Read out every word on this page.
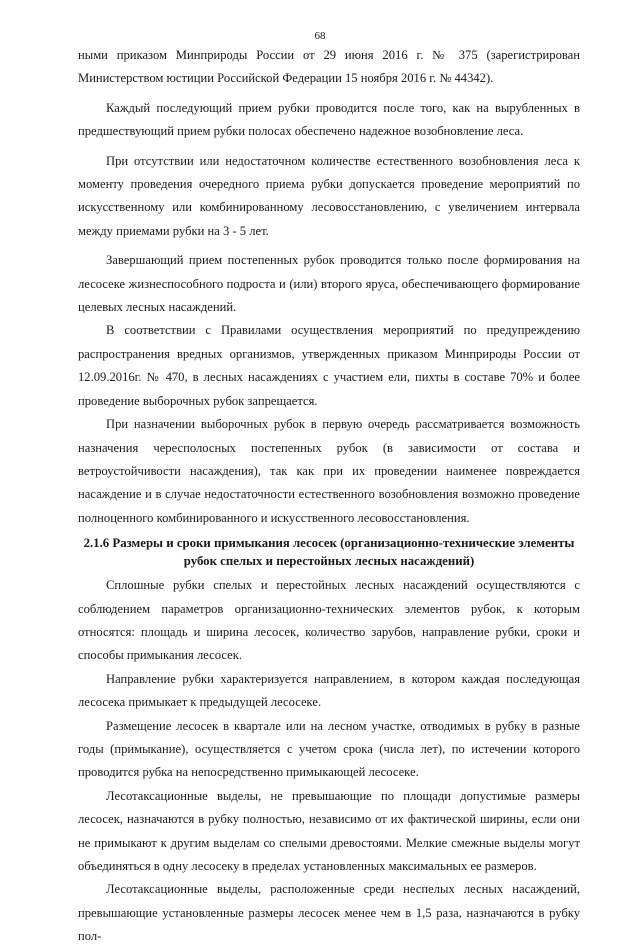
68

ными приказом Минприроды России от 29 июня 2016 г. № 375 (зарегистрирован Министерством юстиции Российской Федерации 15 ноября 2016 г. № 44342).

Каждый последующий прием рубки проводится после того, как на вырубленных в предшествующий прием рубки полосах обеспечено надежное возобновление леса.

При отсутствии или недостаточном количестве естественного возобновления леса к моменту проведения очередного приема рубки допускается проведение мероприятий по искусственному или комбинированному лесовосстановлению, с увеличением интервала между приемами рубки на 3 - 5 лет.

Завершающий прием постепенных рубок проводится только после формирования на лесосеке жизнеспособного подроста и (или) второго яруса, обеспечивающего формирование целевых лесных насаждений.

В соответствии с Правилами осуществления мероприятий по предупреждению распространения вредных организмов, утвержденных приказом Минприроды России от 12.09.2016г. № 470, в лесных насаждениях с участием ели, пихты в составе 70% и более проведение выборочных рубок запрещается.

При назначении выборочных рубок в первую очередь рассматривается возможность назначения чересполосных постепенных рубок (в зависимости от состава и ветроустойчивости насаждения), так как при их проведении наименее повреждается насаждение и в случае недостаточности естественного возобновления возможно проведение полноценного комбинированного и искусственного лесовосстановления.

2.1.6 Размеры и сроки примыкания лесосек (организационно-технические элементы рубок спелых и перестойных лесных насаждений)

Сплошные рубки спелых и перестойных лесных насаждений осуществляются с соблюдением параметров организационно-технических элементов рубок, к которым относятся: площадь и ширина лесосек, количество зарубов, направление рубки, сроки и способы примыкания лесосек.

Направление рубки характеризуется направлением, в котором каждая последующая лесосека примыкает к предыдущей лесосеке.

Размещение лесосек в квартале или на лесном участке, отводимых в рубку в разные годы (примыкание), осуществляется с учетом срока (числа лет), по истечении которого проводится рубка на непосредственно примыкающей лесосеке.

Лесотаксационные выделы, не превышающие по площади допустимые размеры лесосек, назначаются в рубку полностью, независимо от их фактической ширины, если они не примыкают к другим выделам со спелыми древостоями. Мелкие смежные выделы могут объединяться в одну лесосеку в пределах установленных максимальных ее размеров.

Лесотаксационные выделы, расположенные среди неспелых лесных насаждений, превышающие установленные размеры лесосек менее чем в 1,5 раза, назначаются в рубку пол-
